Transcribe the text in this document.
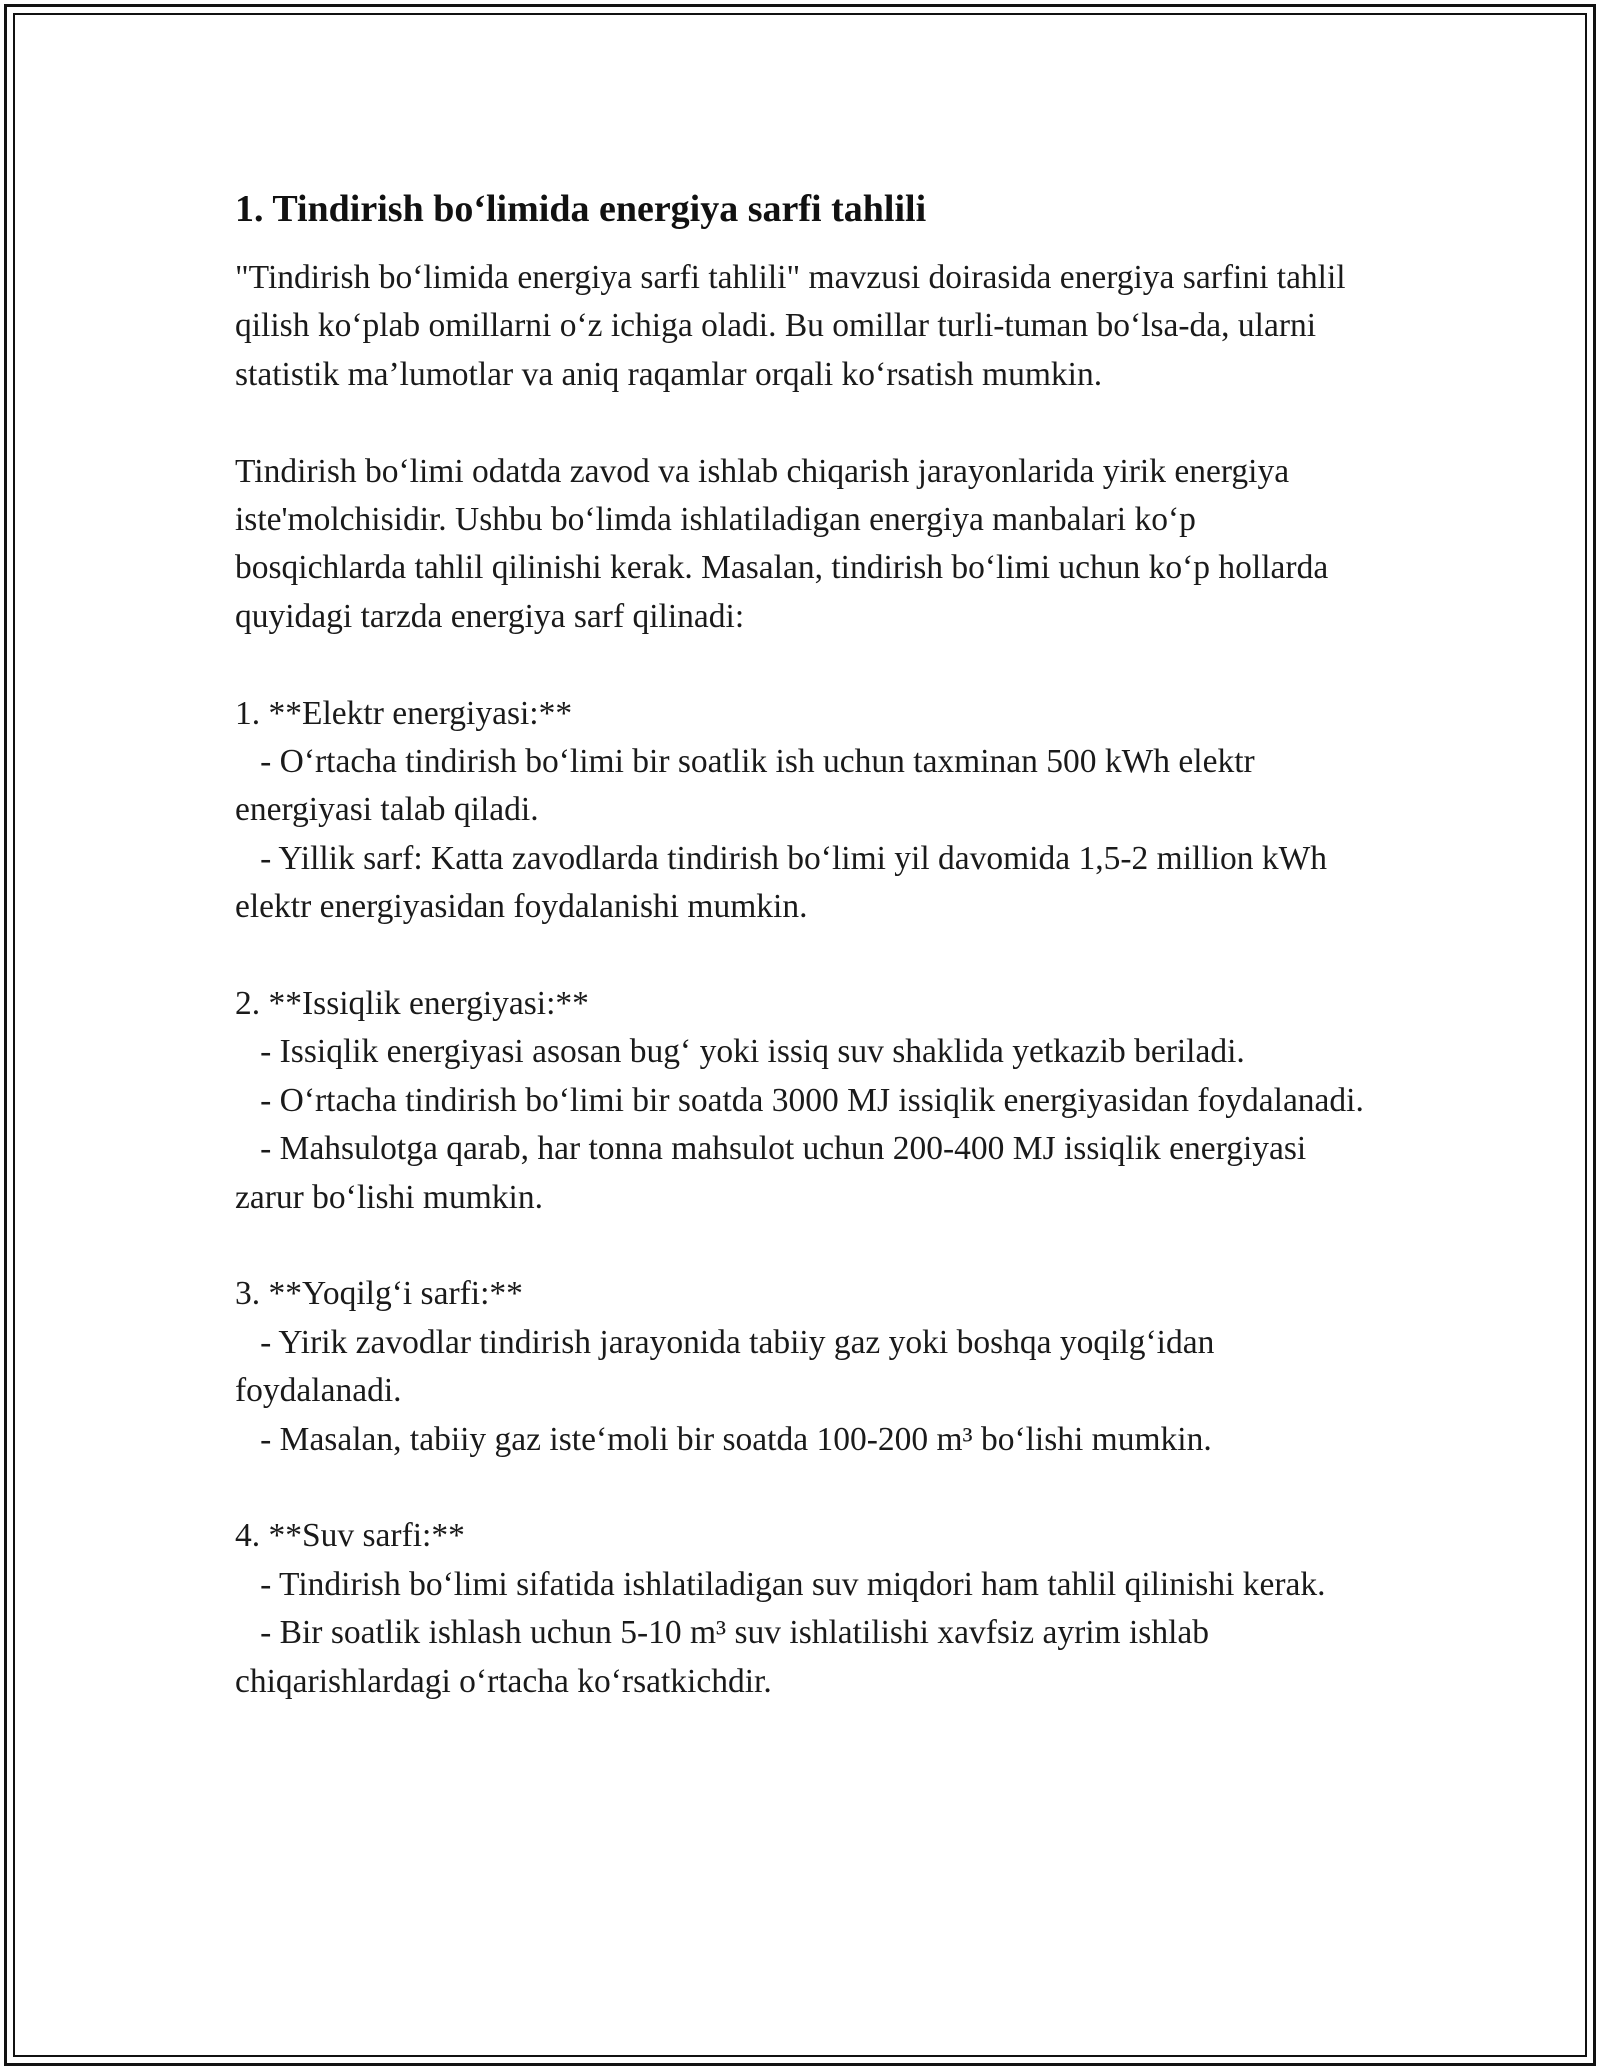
1. Tindirish bo‘limida energiya sarfi tahlili

"Tindirish bo‘limida energiya sarfi tahlili" mavzusi doirasida energiya sarfini tahlil qilish ko‘plab omillarni o‘z ichiga oladi. Bu omillar turli-tuman bo‘lsa-da, ularni statistik ma’lumotlar va aniq raqamlar orqali ko‘rsatish mumkin.

Tindirish bo‘limi odatda zavod va ishlab chiqarish jarayonlarida yirik energiya iste'molchisidir. Ushbu bo‘limda ishlatiladigan energiya manbalari ko‘p bosqichlarda tahlil qilinishi kerak. Masalan, tindirish bo‘limi uchun ko‘p hollarda quyidagi tarzda energiya sarf qilinadi:

1. **Elektr energiyasi:**

- O‘rtacha tindirish bo‘limi bir soatlik ish uchun taxminan 500 kWh elektr energiyasi talab qiladi.

- Yillik sarf: Katta zavodlarda tindirish bo‘limi yil davomida 1,5-2 million kWh elektr energiyasidan foydalanishi mumkin.

2. **Issiqlik energiyasi:**

- Issiqlik energiyasi asosan bug‘ yoki issiq suv shaklida yetkazib beriladi.

- O‘rtacha tindirish bo‘limi bir soatda 3000 MJ issiqlik energiyasidan foydalanadi.

- Mahsulotga qarab, har tonna mahsulot uchun 200-400 MJ issiqlik energiyasi zarur bo‘lishi mumkin.

3. **Yoqilg‘i sarfi:**

- Yirik zavodlar tindirish jarayonida tabiiy gaz yoki boshqa yoqilg‘idan foydalanadi.

- Masalan, tabiiy gaz iste‘moli bir soatda 100-200 m³ bo‘lishi mumkin.

4. **Suv sarfi:**

- Tindirish bo‘limi sifatida ishlatiladigan suv miqdori ham tahlil qilinishi kerak.

- Bir soatlik ishlash uchun 5-10 m³ suv ishlatilishi xavfsiz ayrim ishlab chiqarishlardagi o‘rtacha ko‘rsatkichdir.
